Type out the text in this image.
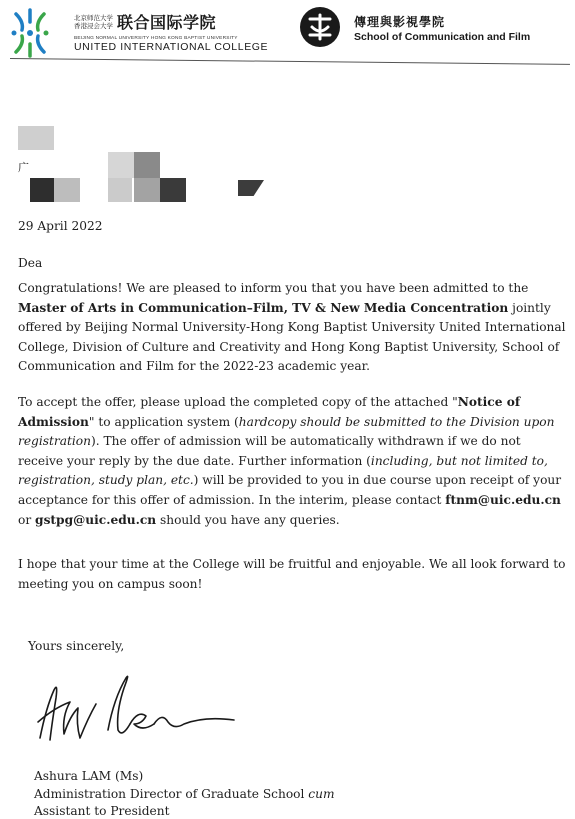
北京师范大学
香港浸会大学 联合国际学院
BEIJING NORMAL UNIVERSITY HONG KONG BAPTIST UNIVERSITY
UNITED INTERNATIONAL COLLEGE
傳理與影視學院
School of Communication and Film
广
29 April 2022
Dea
Congratulations! We are pleased to inform you that you have been admitted to the
Master of Arts in Communication–Film, TV & New Media Concentration jointly
offered by Beijing Normal University-Hong Kong Baptist University United International
College, Division of Culture and Creativity and Hong Kong Baptist University, School of
Communication and Film for the 2022-23 academic year.
To accept the offer, please upload the completed copy of the attached "Notice of
Admission" to application system (hardcopy should be submitted to the Division upon
registration). The offer of admission will be automatically withdrawn if we do not
receive your reply by the due date. Further information (including, but not limited to,
registration, study plan, etc.) will be provided to you in due course upon receipt of your
acceptance for this offer of admission. In the interim, please contact ftnm@uic.edu.cn
or gstpg@uic.edu.cn should you have any queries.
I hope that your time at the College will be fruitful and enjoyable. We all look forward to
meeting you on campus soon!
Yours sincerely,
Ashura LAM (Ms)
Administration Director of Graduate School cum
Assistant to President
